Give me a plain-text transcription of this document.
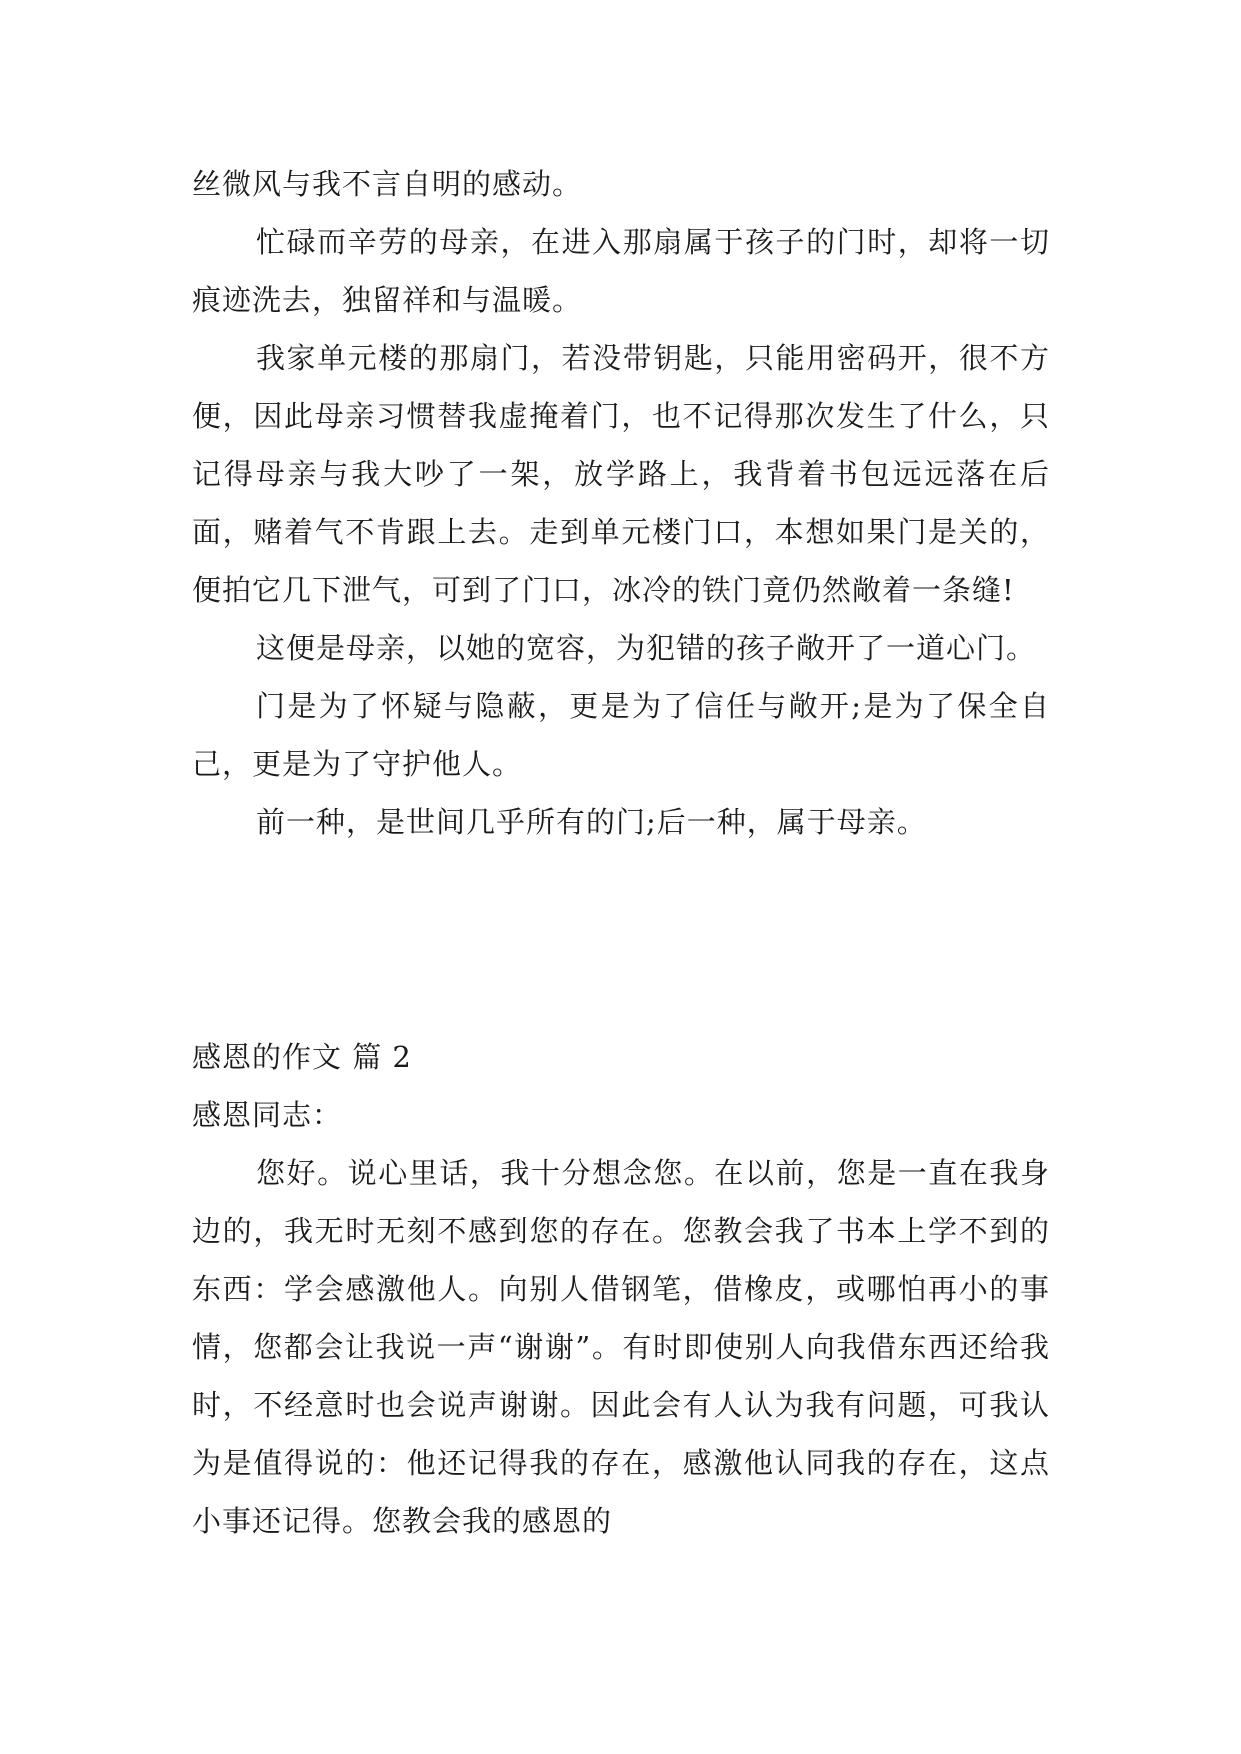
丝微风与我不言自明的感动。

忙碌而辛劳的母亲，在进入那扇属于孩子的门时，却将一切痕迹洗去，独留祥和与温暖。

我家单元楼的那扇门，若没带钥匙，只能用密码开，很不方便，因此母亲习惯替我虚掩着门，也不记得那次发生了什么，只记得母亲与我大吵了一架，放学路上，我背着书包远远落在后面，赌着气不肯跟上去。走到单元楼门口，本想如果门是关的，便拍它几下泄气，可到了门口，冰冷的铁门竟仍然敞着一条缝!

这便是母亲，以她的宽容，为犯错的孩子敞开了一道心门。

门是为了怀疑与隐蔽，更是为了信任与敞开;是为了保全自己，更是为了守护他人。

前一种，是世间几乎所有的门;后一种，属于母亲。

感恩的作文 篇 2

感恩同志：

您好。说心里话，我十分想念您。在以前，您是一直在我身边的，我无时无刻不感到您的存在。您教会我了书本上学不到的东西：学会感激他人。向别人借钢笔，借橡皮，或哪怕再小的事情，您都会让我说一声“谢谢”。有时即使别人向我借东西还给我时，不经意时也会说声谢谢。因此会有人认为我有问题，可我认为是值得说的：他还记得我的存在，感激他认同我的存在，这点小事还记得。您教会我的感恩的
